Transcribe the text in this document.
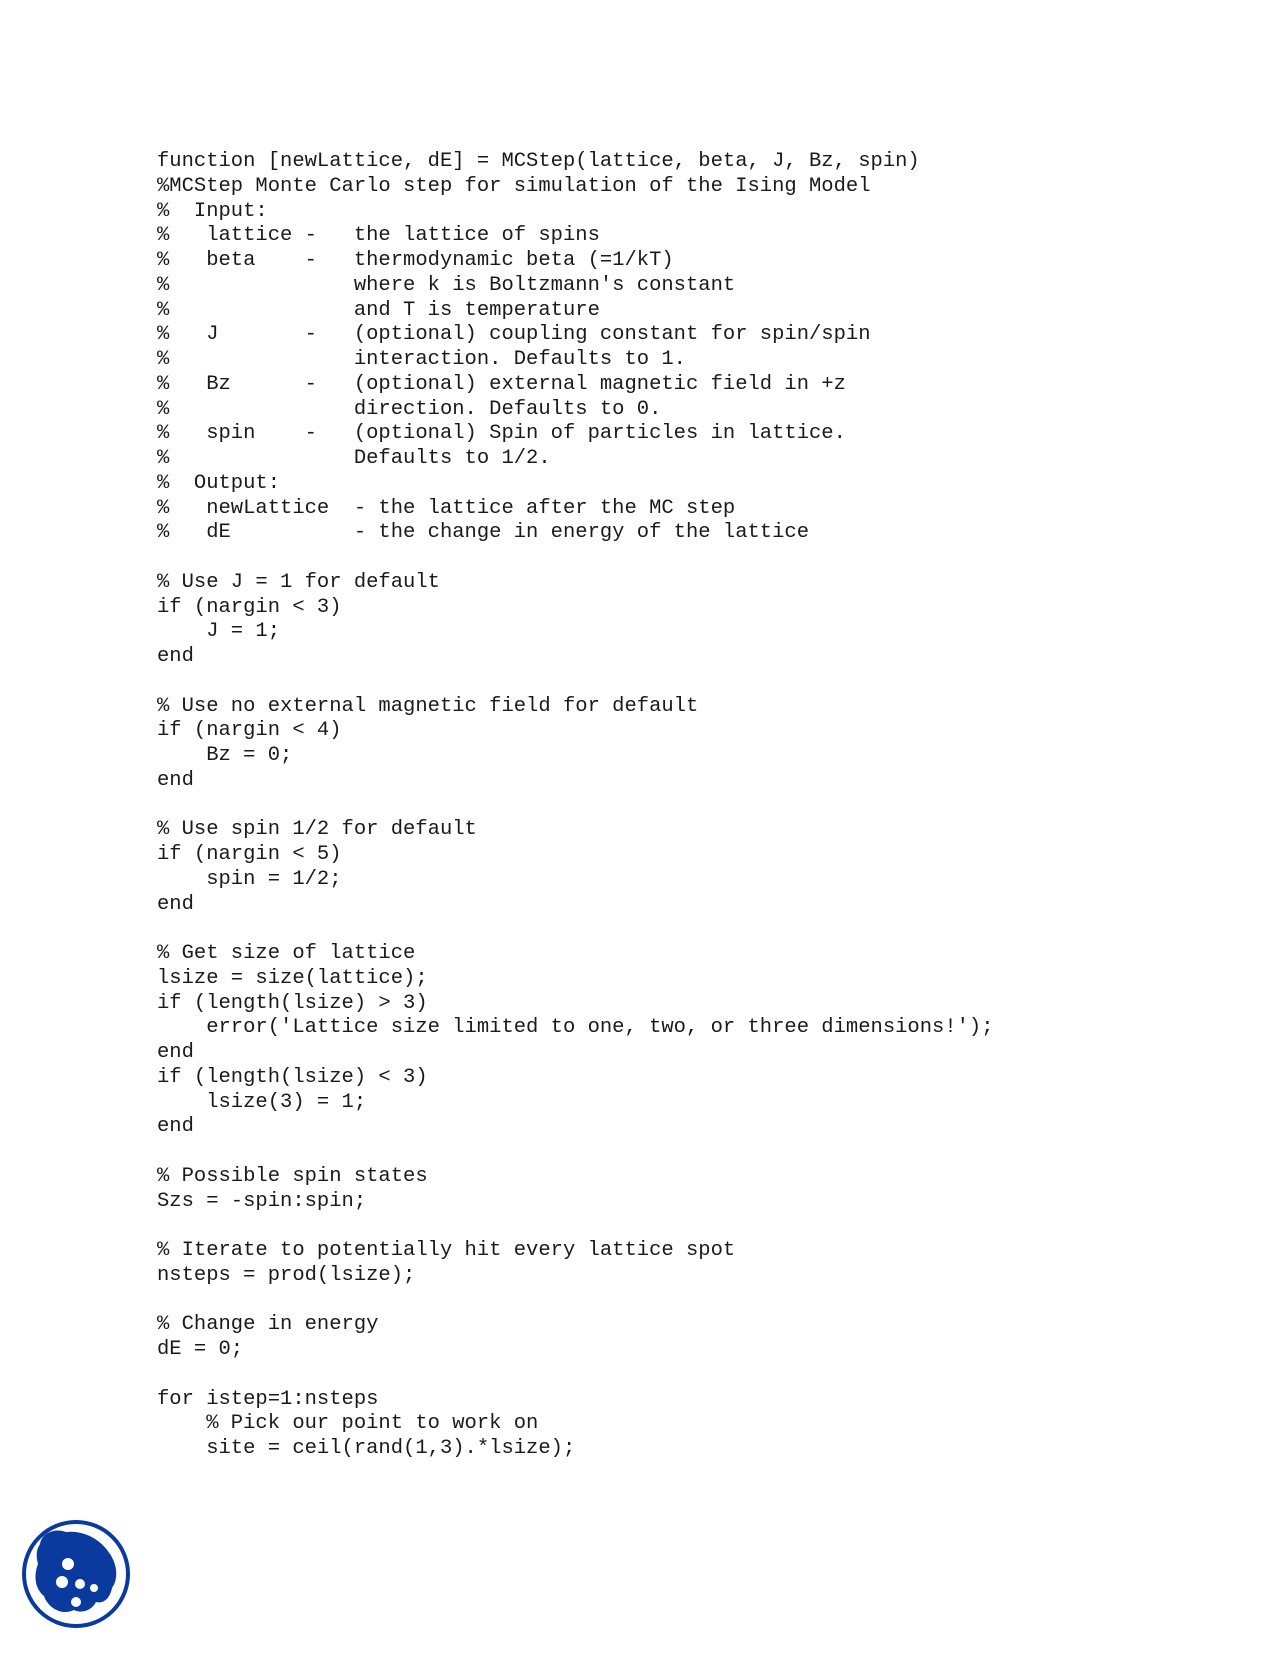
function [newLattice, dE] = MCStep(lattice, beta, J, Bz, spin)
%MCStep Monte Carlo step for simulation of the Ising Model
%  Input:
%   lattice -   the lattice of spins
%   beta    -   thermodynamic beta (=1/kT)
%               where k is Boltzmann's constant
%               and T is temperature
%   J       -   (optional) coupling constant for spin/spin
%               interaction. Defaults to 1.
%   Bz      -   (optional) external magnetic field in +z
%               direction. Defaults to 0.
%   spin    -   (optional) Spin of particles in lattice.
%               Defaults to 1/2.
%  Output:
%   newLattice  - the lattice after the MC step
%   dE          - the change in energy of the lattice
% Use J = 1 for default
if (nargin < 3)
J = 1;
end
% Use no external magnetic field for default
if (nargin < 4)
Bz = 0;
end
% Use spin 1/2 for default
if (nargin < 5)
spin = 1/2;
end
% Get size of lattice
lsize = size(lattice);
if (length(lsize) > 3)
error('Lattice size limited to one, two, or three dimensions!');
end
if (length(lsize) < 3)
lsize(3) = 1;
end
% Possible spin states
Szs = -spin:spin;
% Iterate to potentially hit every lattice spot
nsteps = prod(lsize);
% Change in energy
dE = 0;
for istep=1:nsteps
% Pick our point to work on
site = ceil(rand(1,3).*lsize);
